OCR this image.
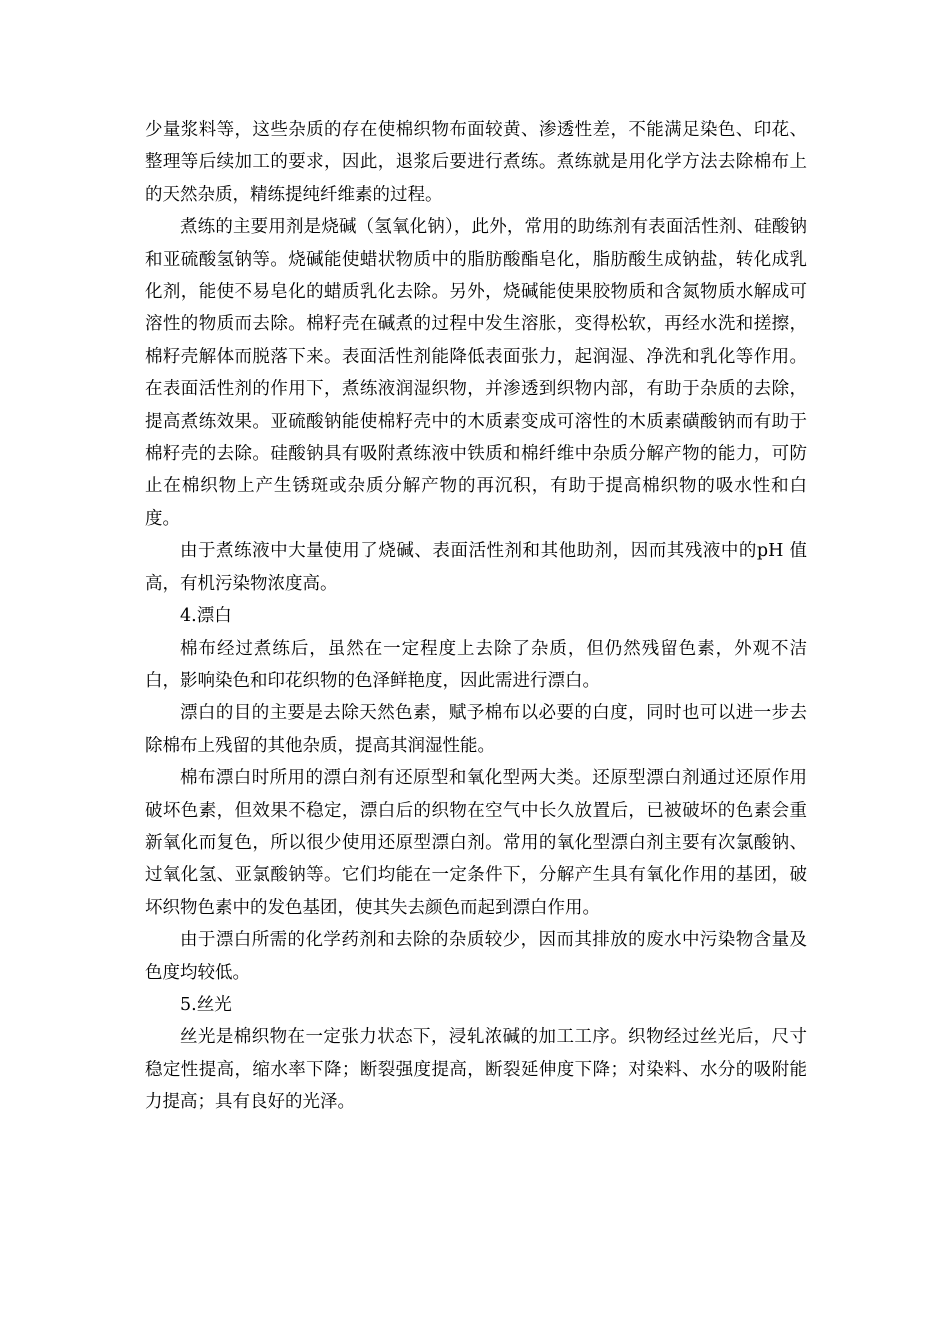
少量浆料等，这些杂质的存在使棉织物布面较黄、渗透性差，不能满足染色、印花、整理等后续加工的要求，因此，退浆后要进行煮练。煮练就是用化学方法去除棉布上的天然杂质，精练提纯纤维素的过程。

煮练的主要用剂是烧碱（氢氧化钠），此外，常用的助练剂有表面活性剂、硅酸钠和亚硫酸氢钠等。烧碱能使蜡状物质中的脂肪酸酯皂化，脂肪酸生成钠盐，转化成乳化剂，能使不易皂化的蜡质乳化去除。另外，烧碱能使果胶物质和含氮物质水解成可溶性的物质而去除。棉籽壳在碱煮的过程中发生溶胀，变得松软，再经水洗和搓擦，棉籽壳解体而脱落下来。表面活性剂能降低表面张力，起润湿、净洗和乳化等作用。在表面活性剂的作用下，煮练液润湿织物，并渗透到织物内部，有助于杂质的去除，提高煮练效果。亚硫酸钠能使棉籽壳中的木质素变成可溶性的木质素磺酸钠而有助于棉籽壳的去除。硅酸钠具有吸附煮练液中铁质和棉纤维中杂质分解产物的能力，可防止在棉织物上产生锈斑或杂质分解产物的再沉积，有助于提高棉织物的吸水性和白度。

由于煮练液中大量使用了烧碱、表面活性剂和其他助剂，因而其残液中的pH 值高，有机污染物浓度高。

4.漂白

棉布经过煮练后，虽然在一定程度上去除了杂质，但仍然残留色素，外观不洁白，影响染色和印花织物的色泽鲜艳度，因此需进行漂白。

漂白的目的主要是去除天然色素，赋予棉布以必要的白度，同时也可以进一步去除棉布上残留的其他杂质，提高其润湿性能。

棉布漂白时所用的漂白剂有还原型和氧化型两大类。还原型漂白剂通过还原作用破坏色素，但效果不稳定，漂白后的织物在空气中长久放置后，已被破坏的色素会重新氧化而复色，所以很少使用还原型漂白剂。常用的氧化型漂白剂主要有次氯酸钠、过氧化氢、亚氯酸钠等。它们均能在一定条件下，分解产生具有氧化作用的基团，破坏织物色素中的发色基团，使其失去颜色而起到漂白作用。

由于漂白所需的化学药剂和去除的杂质较少，因而其排放的废水中污染物含量及色度均较低。

5.丝光

丝光是棉织物在一定张力状态下，浸轧浓碱的加工工序。织物经过丝光后，尺寸稳定性提高，缩水率下降；断裂强度提高，断裂延伸度下降；对染料、水分的吸附能力提高；具有良好的光泽。
